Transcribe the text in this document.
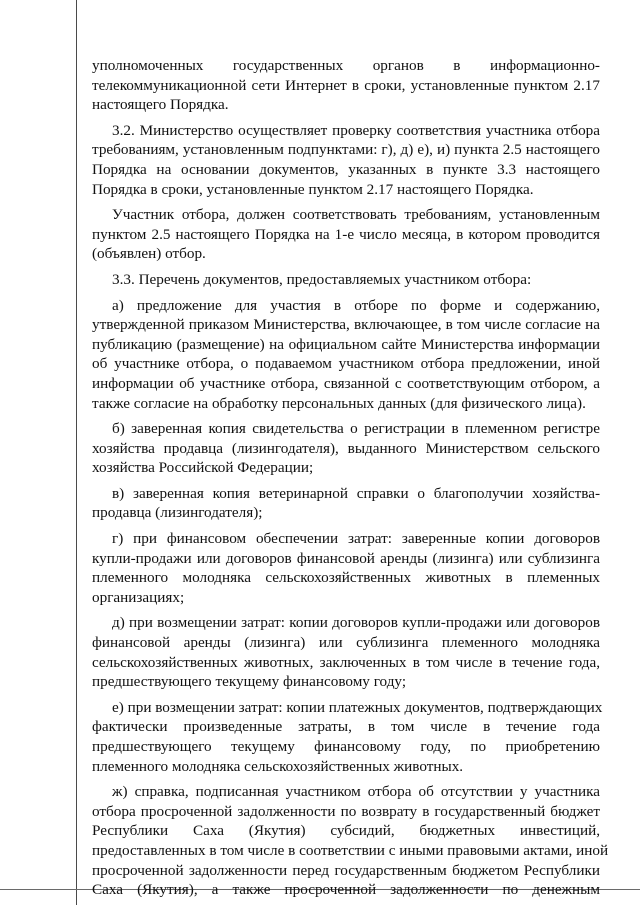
уполномоченных государственных органов в информационно-
телекоммуникационной сети Интернет в сроки, установленные пунктом 2.17
настоящего Порядка.
3.2. Министерство осуществляет проверку соответствия участника отбора
требованиям, установленным подпунктами: г), д) е), и) пункта 2.5 настоящего
Порядка на основании документов, указанных в пункте 3.3 настоящего
Порядка в сроки, установленные пунктом 2.17 настоящего Порядка.
Участник отбора, должен соответствовать требованиям, установленным
пунктом 2.5 настоящего Порядка на 1-е число месяца, в котором проводится
(объявлен) отбор.
3.3. Перечень документов, предоставляемых участником отбора:
а) предложение для участия в отборе по форме и содержанию,
утвержденной приказом Министерства, включающее, в том числе согласие на
публикацию (размещение) на официальном сайте Министерства информации
об участнике отбора, о подаваемом участником отбора предложении, иной
информации об участнике отбора, связанной с соответствующим отбором, а
также согласие на обработку персональных данных (для физического лица).
б) заверенная копия свидетельства о регистрации в племенном регистре
хозяйства продавца (лизингодателя), выданного Министерством сельского
хозяйства Российской Федерации;
в) заверенная копия ветеринарной справки о благополучии хозяйства-
продавца (лизингодателя);
г) при финансовом обеспечении затрат: заверенные копии договоров
купли-продажи или договоров финансовой аренды (лизинга) или сублизинга
племенного молодняка сельскохозяйственных животных в племенных
организациях;
д) при возмещении затрат: копии договоров купли-продажи или договоров
финансовой аренды (лизинга) или сублизинга племенного молодняка
сельскохозяйственных животных, заключенных в том числе в течение года,
предшествующего текущему финансовому году;
е) при возмещении затрат: копии платежных документов, подтверждающих
фактически произведенные затраты, в том числе в течение года
предшествующего текущему финансовому году, по приобретению
племенного молодняка сельскохозяйственных животных.
ж) справка, подписанная участником отбора об отсутствии у участника
отбора просроченной задолженности по возврату в государственный бюджет
Республики Саха (Якутия) субсидий, бюджетных инвестиций,
предоставленных в том числе в соответствии с иными правовыми актами, иной
просроченной задолженности перед государственным бюджетом Республики
Саха (Якутия), а также просроченной задолженности по денежным
